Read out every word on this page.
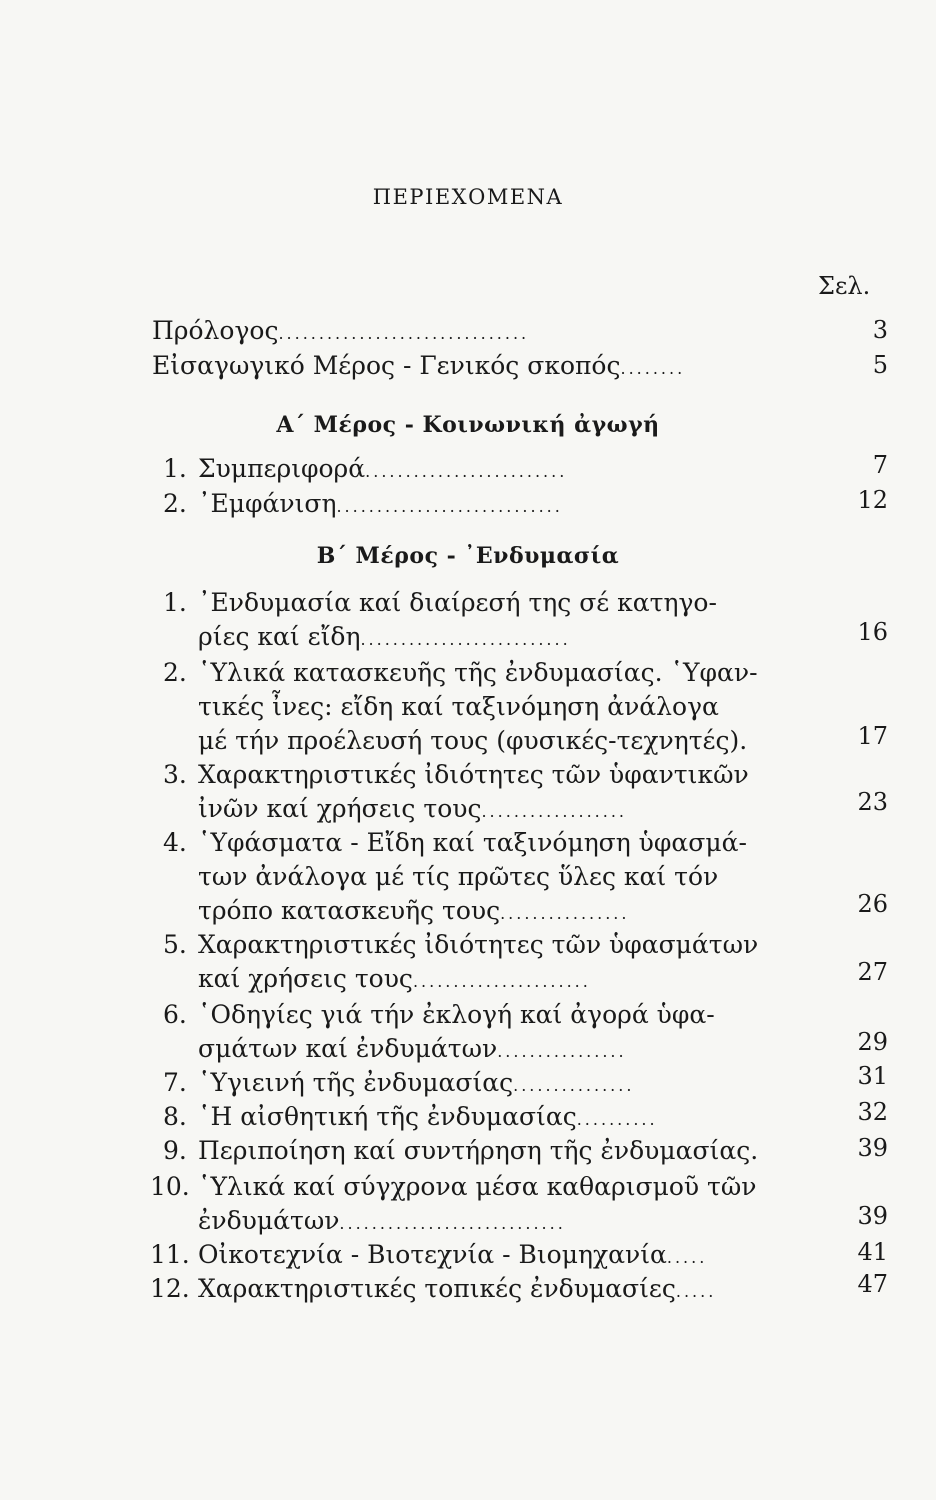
ΠΕΡΙΕΧΟΜΕΝΑ
Σελ.
Πρόλογος...............................	3
Εἰσαγωγικό Μέρος - Γενικός σκοπός........	5
Α΄ Μέρος - Κοινωνική ἀγωγή
1. Συμπεριφορά.........................	7
2. ᾿Εμφάνιση............................	12
Β΄ Μέρος - ᾿Ενδυμασία
1. ᾿Ενδυμασία καί διαίρεσή της σέ κατηγο-
ρίες καί εἴδη..........................	16
2. ῾Υλικά κατασκευῆς τῆς ἐνδυμασίας. ῾Υφαν-
τικές ἶνες: εἴδη καί ταξινόμηση ἀνάλογα
μέ τήν προέλευσή τους (φυσικές-τεχνητές).	17
3. Χαρακτηριστικές ἰδιότητες τῶν ὑφαντικῶν
ἰνῶν καί χρήσεις τους..................	23
4. ῾Υφάσματα - Εἴδη καί ταξινόμηση ὑφασμά-
των ἀνάλογα μέ τίς πρῶτες ὕλες καί τόν
τρόπο κατασκευῆς τους................	26
5. Χαρακτηριστικές ἰδιότητες τῶν ὑφασμάτων
καί χρήσεις τους......................	27
6. ῾Οδηγίες γιά τήν ἐκλογή καί ἀγορά ὑφα-
σμάτων καί ἐνδυμάτων................	29
7. ῾Υγιεινή τῆς ἐνδυμασίας...............	31
8. ῾Η αἰσθητική τῆς ἐνδυμασίας..........	32
9. Περιποίηση καί συντήρηση τῆς ἐνδυμασίας.	39
10. ῾Υλικά καί σύγχρονα μέσα καθαρισμοῦ τῶν
ἐνδυμάτων............................	39
11. Οἰκοτεχνία - Βιοτεχνία - Βιομηχανία.....	41
12. Χαρακτηριστικές τοπικές ἐνδυμασίες.....	47
